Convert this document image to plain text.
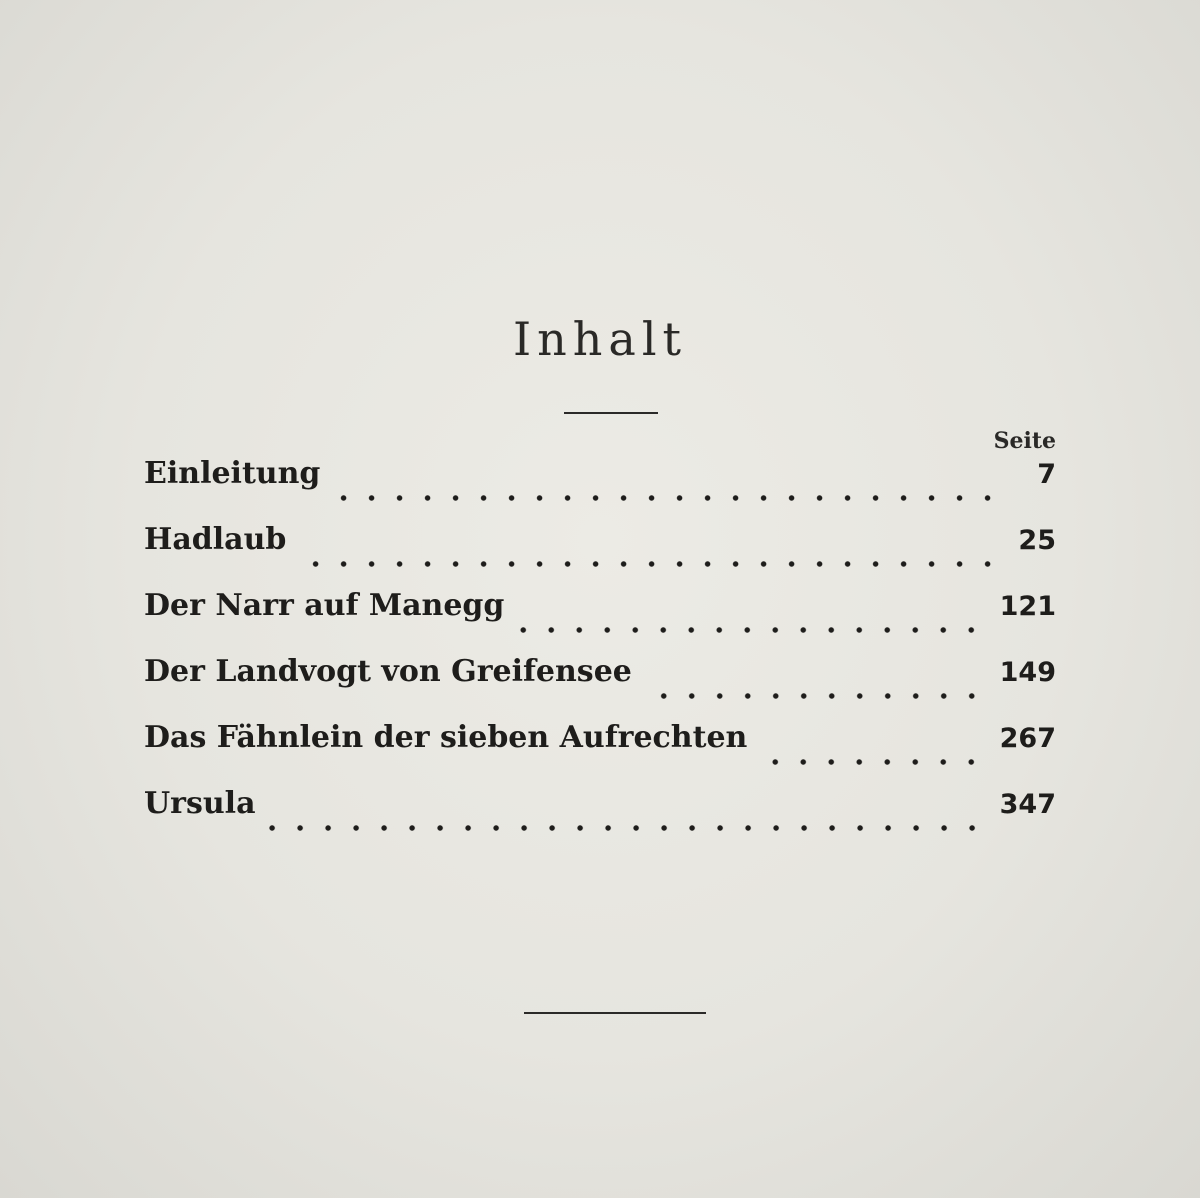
Inhalt
Seite
Einleitung	7
Hadlaub	25
Der Narr auf Manegg	121
Der Landvogt von Greifensee	149
Das Fähnlein der sieben Aufrechten	267
Ursula	347
